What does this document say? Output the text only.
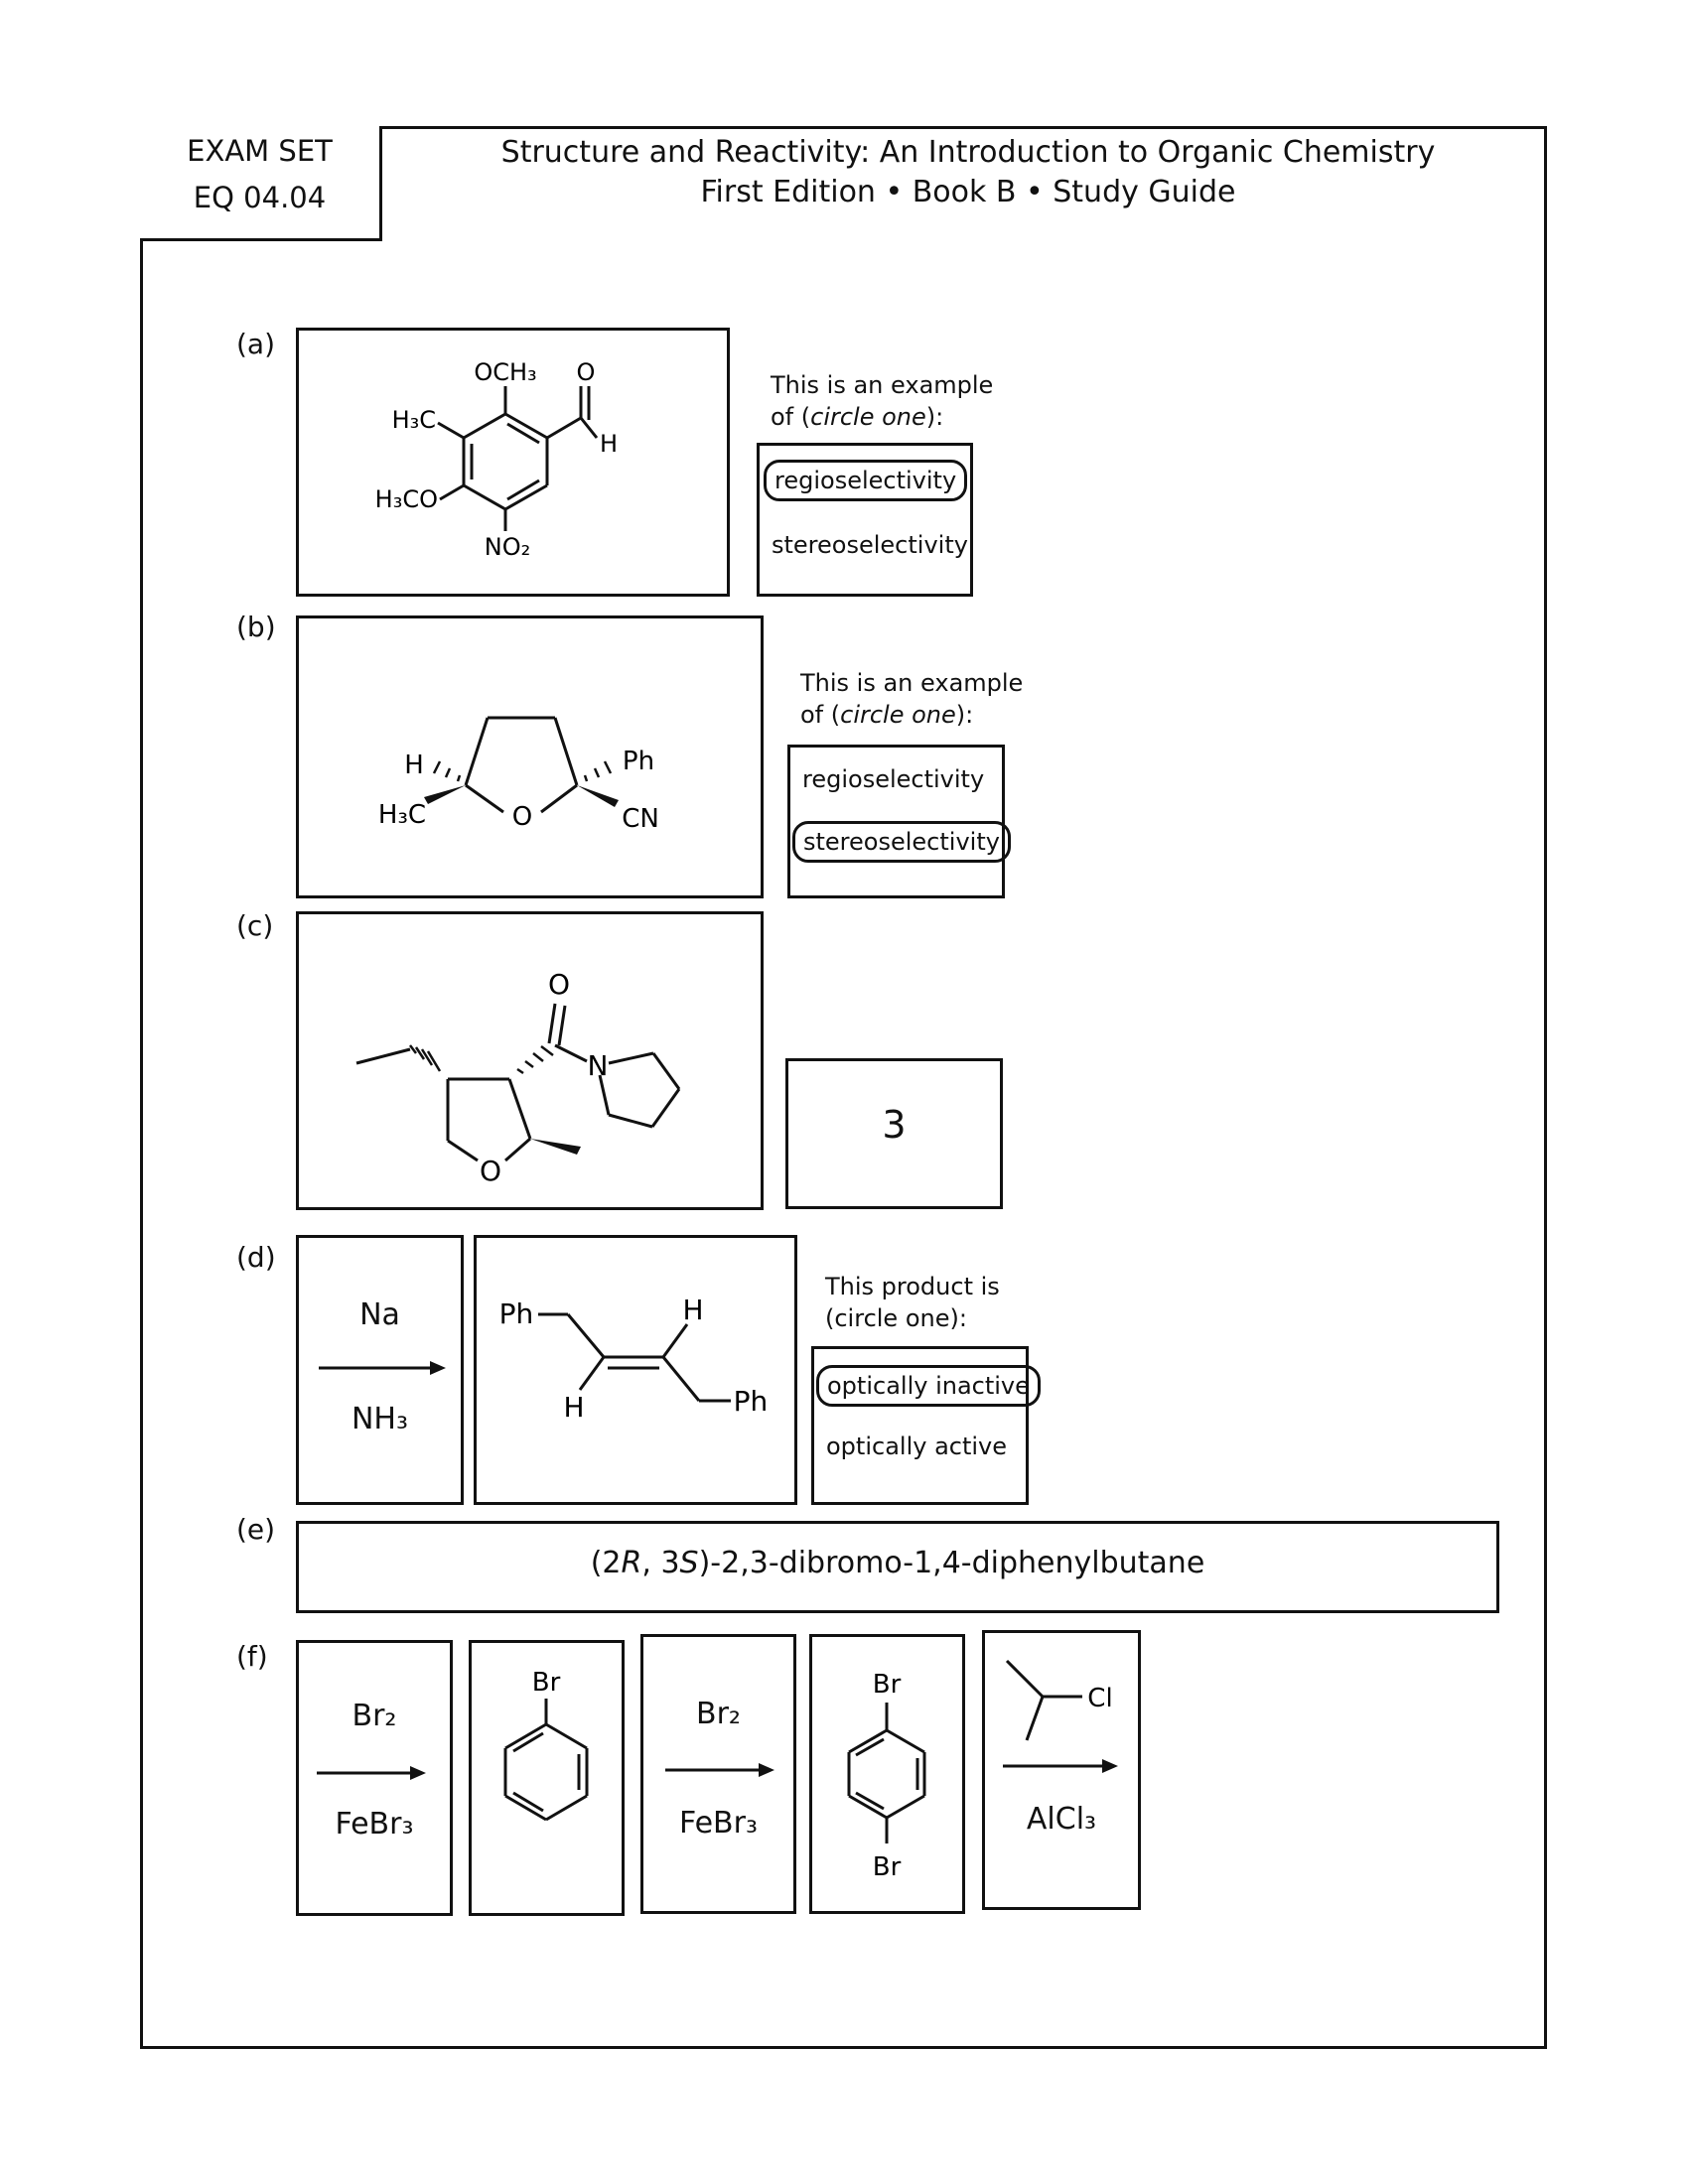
EXAM SET
EQ 04.04
Structure and Reactivity: An Introduction to Organic Chemistry
First Edition • Book B • Study Guide
(a)
OCH₃ O
H₃C
H
H₃CO
NO₂
This is an example
of (circle one):
regioselectivity
stereoselectivity
(b)
H
H₃C	O
Ph
CN
This is an example
of (circle one):
regioselectivity
stereoselectivity
(c)
O
N
O
3
(d)
Na
NH₃
Ph
H
H
Ph
This product is
(circle one):
optically inactive
optically active
(e)
(2R, 3S)-2,3-dibromo-1,4-diphenylbutane
(f)
Br₂
FeBr₃
Br
Br₂
FeBr₃
Br
Br
Cl
AlCl₃
